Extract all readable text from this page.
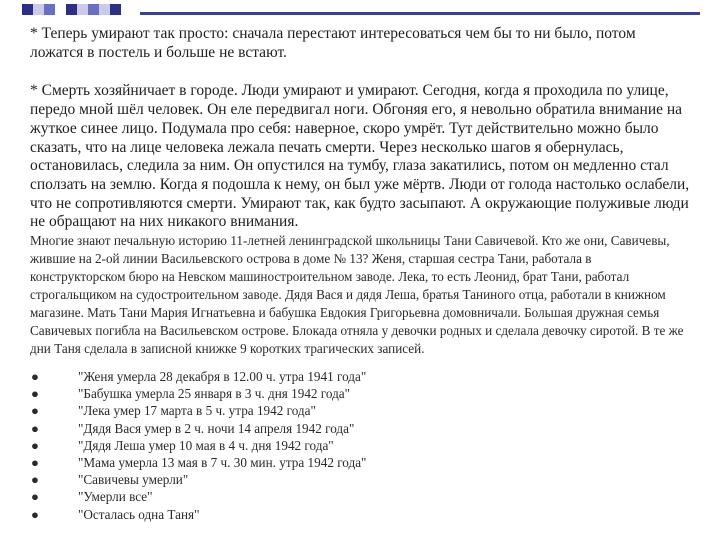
* Теперь умирают так просто: сначала перестают интересоваться чем бы то ни было, потом ложатся в постель и больше не встают.

* Смерть хозяйничает в городе. Люди умирают и умирают. Сегодня, когда я проходила по улице, передо мной шёл человек. Он еле передвигал ноги. Обгоняя его, я невольно обратила внимание на жуткое синее лицо. Подумала про себя: наверное, скоро умрёт. Тут действительно можно было сказать, что на лице человека лежала печать смерти. Через несколько шагов я обернулась, остановилась, следила за ним. Он опустился на тумбу, глаза закатились, потом он медленно стал сползать на землю. Когда я подошла к нему, он был уже мёртв. Люди от голода настолько ослабели, что не сопротивляются смерти. Умирают так, как будто засыпают. А окружающие полуживые люди не обращают на них никакого внимания.

Многие знают печальную историю 11-летней ленинградской школьницы Тани Савичевой. Кто же они, Савичевы, жившие на 2-ой линии Васильевского острова в доме № 13? Женя, старшая сестра Тани, работала в конструкторском бюро на Невском машиностроительном заводе. Лека, то есть Леонид, брат Тани, работал строгальщиком на судостроительном заводе. Дядя Вася и дядя Леша, братья Таниного отца, работали в книжном магазине. Мать Тани Мария Игнатьевна и бабушка Евдокия Григорьевна домовничали. Большая дружная семья Савичевых погибла на Васильевском острове. Блокада отняла у девочки родных и сделала девочку сиротой. В те же дни Таня сделала в записной книжке 9 коротких трагических записей.

●	"Женя умерла 28 декабря в 12.00 ч. утра 1941 года"
●	"Бабушка умерла 25 января в 3 ч. дня 1942 года"
●	"Лека умер 17 марта в 5 ч. утра 1942 года"
●	"Дядя Вася умер в 2 ч. ночи 14 апреля 1942 года"
●	"Дядя Леша умер 10 мая в 4 ч. дня 1942 года"
●	"Мама умерла 13 мая в 7 ч. 30 мин. утра 1942 года"
●	"Савичевы умерли"
●	"Умерли все"
●	"Осталась одна Таня"
